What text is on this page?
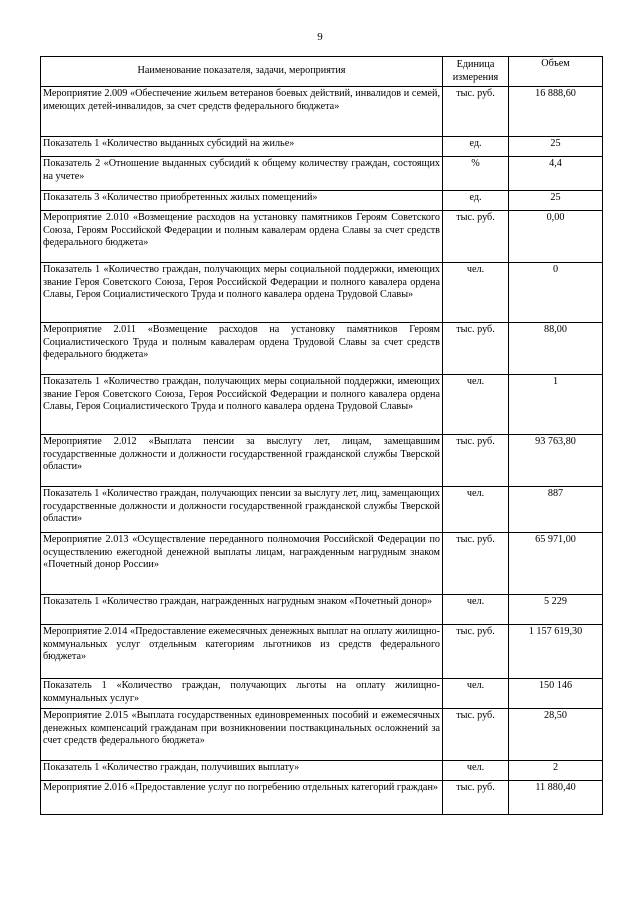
9
Наименование показателя, задачи, мероприятия	Единица измерения	Объем
Мероприятие 2.009 «Обеспечение жильем ветеранов боевых действий, инвалидов и семей, имеющих детей-инвалидов, за счет средств федерального бюджета»	тыс. руб.	16 888,60
Показатель 1 «Количество выданных субсидий на жилье»	ед.	25
Показатель 2 «Отношение выданных субсидий к общему количеству граждан, состоящих на учете»	%	4,4
Показатель 3 «Количество приобретенных жилых помещений»	ед.	25
Мероприятие 2.010 «Возмещение расходов на установку памятников Героям Советского Союза, Героям Российской Федерации и полным кавалерам ордена Славы за счет средств федерального бюджета»	тыс. руб.	0,00
Показатель 1 «Количество граждан, получающих меры социальной поддержки, имеющих звание Героя Советского Союза, Героя Российской Федерации и полного кавалера ордена Славы, Героя Социалистического Труда и полного кавалера ордена Трудовой Славы»	чел.	0
Мероприятие 2.011 «Возмещение расходов на установку памятников Героям Социалистического Труда и полным кавалерам ордена Трудовой Славы за счет средств федерального бюджета»	тыс. руб.	88,00
Показатель 1 «Количество граждан, получающих меры социальной поддержки, имеющих звание Героя Советского Союза, Героя Российской Федерации и полного кавалера ордена Славы, Героя Социалистического Труда и полного кавалера ордена Трудовой Славы»	чел.	1
Мероприятие 2.012 «Выплата пенсии за выслугу лет, лицам, замещавшим государственные должности и должности государственной гражданской службы Тверской области»	тыс. руб.	93 763,80
Показатель 1 «Количество граждан, получающих пенсии за выслугу лет, лиц, замещающих государственные должности и должности государственной гражданской службы Тверской области»	чел.	887
Мероприятие 2.013 «Осуществление переданного полномочия Российской Федерации по осуществлению ежегодной денежной выплаты лицам, награжденным нагрудным знаком «Почетный донор России»	тыс. руб.	65 971,00
Показатель 1 «Количество граждан, награжденных нагрудным знаком «Почетный донор»	чел.	5 229
Мероприятие 2.014 «Предоставление ежемесячных денежных выплат на оплату жилищно-коммунальных услуг отдельным категориям льготников из средств федерального бюджета»	тыс. руб.	1 157 619,30
Показатель 1 «Количество граждан, получающих льготы на оплату жилищно-коммунальных услуг»	чел.	150 146
Мероприятие 2.015 «Выплата государственных единовременных пособий и ежемесячных денежных компенсаций гражданам при возникновении поствакцинальных осложнений за счет средств федерального бюджета»	тыс. руб.	28,50
Показатель 1 «Количество граждан, получивших выплату»	чел.	2
Мероприятие 2.016 «Предоставление услуг по погребению отдельных категорий граждан»	тыс. руб.	11 880,40
